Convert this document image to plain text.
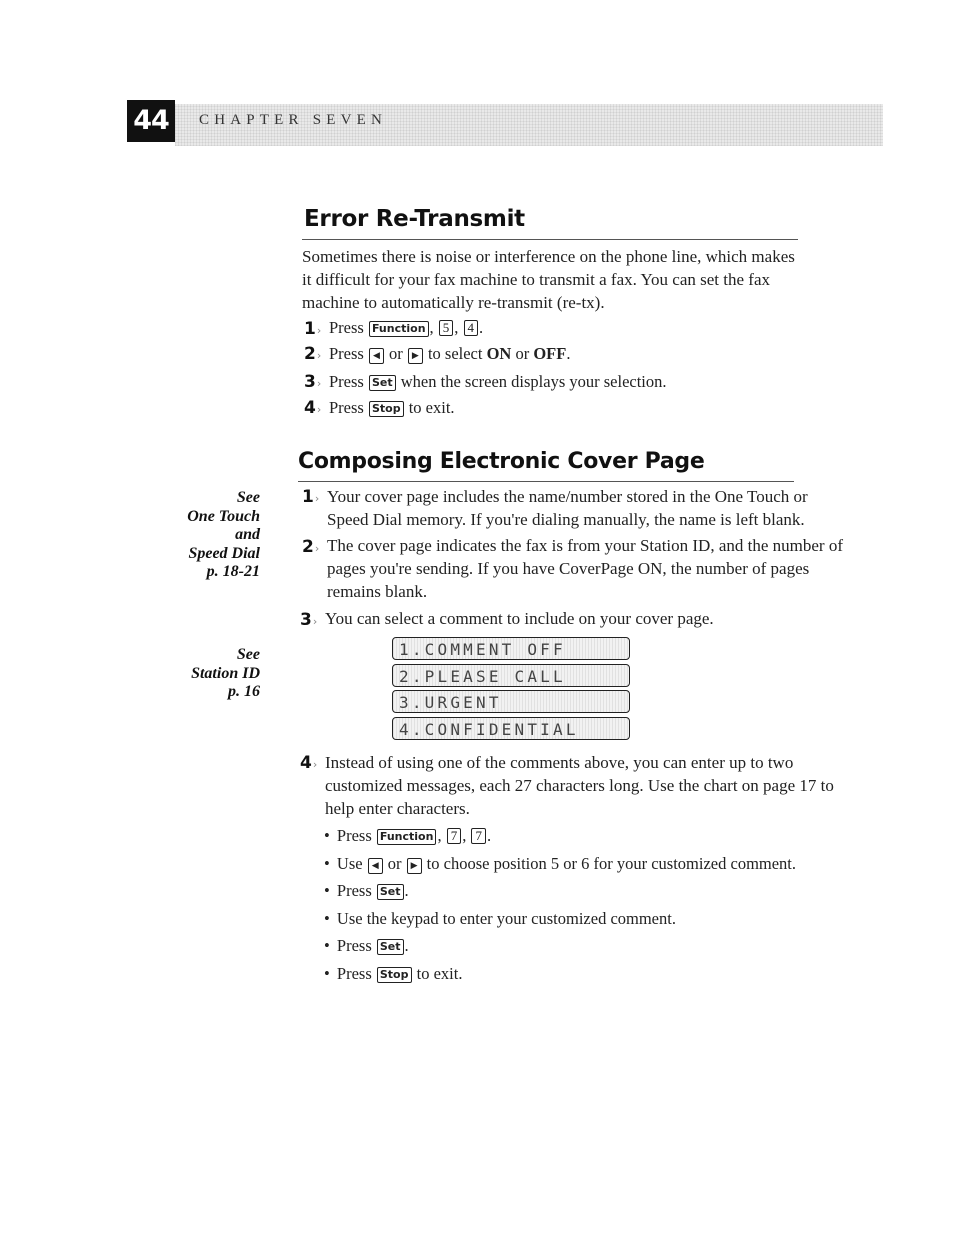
44	CHAPTER SEVEN
Error Re-Transmit
Sometimes there is noise or interference on the phone line, which makes it difficult for your fax machine to transmit a fax. You can set the fax machine to automatically re-transmit (re-tx).
1 › Press Function , 5 , 4 .
2 › Press ◀ or ▶ to select ON or OFF.
3 › Press Set when the screen displays your selection.
4 › Press Stop to exit.
Composing Electronic Cover Page
See
One Touch
and
Speed Dial
p. 18-21
See
Station ID
p. 16
1 › Your cover page includes the name/number stored in the One Touch or
Speed Dial memory. If you're dialing manually, the name is left blank.
2 › The cover page indicates the fax is from your Station ID, and the number of
pages you're sending. If you have CoverPage ON, the number of pages
remains blank.
3 › You can select a comment to include on your cover page.
1.COMMENT OFF
2.PLEASE CALL
3.URGENT
4.CONFIDENTIAL
4 › Instead of using one of the comments above, you can enter up to two
customized messages, each 27 characters long. Use the chart on page 17 to
help enter characters.
• Press Function , 7 , 7 .
• Use ◀ or ▶ to choose position 5 or 6 for your customized comment.
• Press Set .
• Use the keypad to enter your customized comment.
• Press Set .
• Press Stop to exit.
